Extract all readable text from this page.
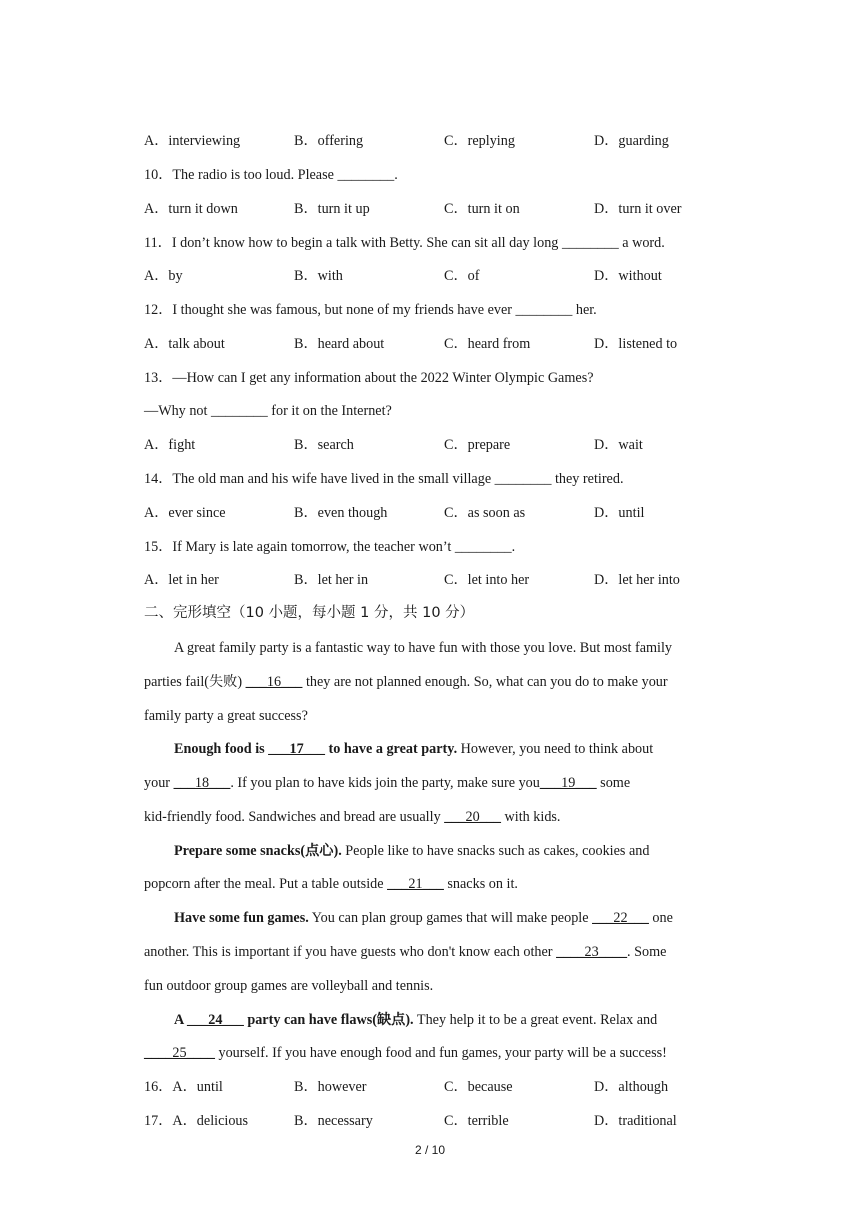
A．interviewing	B．offering	C．replying	D．guarding
10．The radio is too loud. Please ________.
A．turn it down	B．turn it up	C．turn it on	D．turn it over
11．I don’t know how to begin a talk with Betty. She can sit all day long ________ a word.
A．by	B．with	C．of	D．without
12．I thought she was famous, but none of my friends have ever ________ her.
A．talk about	B．heard about	C．heard from	D．listened to
13．—How can I get any information about the 2022 Winter Olympic Games?
—Why not ________ for it on the Internet?
A．fight	B．search	C．prepare	D．wait
14．The old man and his wife have lived in the small village ________ they retired.
A．ever since	B．even though	C．as soon as	D．until
15．If Mary is late again tomorrow, the teacher won’t ________.
A．let in her	B．let her in	C．let into her	D．let her into
二、完形填空（10 小题，每小题 1 分，共 10 分）
A great family party is a fantastic way to have fun with those you love. But most family
parties fail(失败) ___16___ they are not planned enough. So, what can you do to make your
family party a great success?
Enough food is ___17___ to have a great party. However, you need to think about
your ___18___. If you plan to have kids join the party, make sure you___19___ some
kid-friendly food. Sandwiches and bread are usually ___20___ with kids.
Prepare some snacks(点心). People like to have snacks such as cakes, cookies and
popcorn after the meal. Put a table outside ___21___ snacks on it.
Have some fun games. You can plan group games that will make people ___22___ one
another. This is important if you have guests who don't know each other ____23____. Some
fun outdoor group games are volleyball and tennis.
A ___24___ party can have flaws(缺点). They help it to be a great event. Relax and
____25____ yourself. If you have enough food and fun games, your party will be a success!
16．A．until	B．however	C．because	D．although
17．A．delicious	B．necessary	C．terrible	D．traditional
2 / 10
